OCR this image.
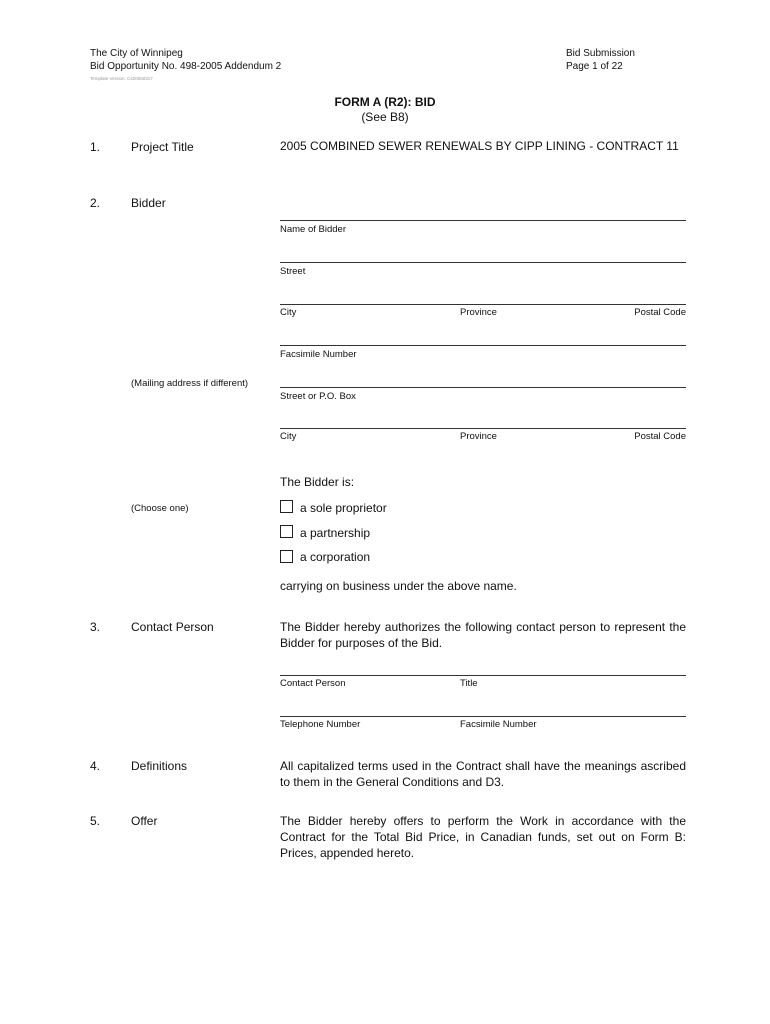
The City of Winnipeg
Bid Opportunity No. 498-2005 Addendum 2
Template Version: C420050317
Bid Submission
Page 1 of 22
FORM A (R2): BID
(See B8)
1.	Project Title	2005 COMBINED SEWER RENEWALS BY CIPP LINING - CONTRACT 11
2.	Bidder
Name of Bidder
Street
City	Province	Postal Code
Facsimile Number
(Mailing address if different)
Street or P.O. Box
City	Province	Postal Code
The Bidder is:
(Choose one)	a sole proprietor
a partnership
a corporation
carrying on business under the above name.
3.	Contact Person	The Bidder hereby authorizes the following contact person to represent the Bidder for purposes of the Bid.
Contact Person	Title
Telephone Number	Facsimile Number
4.	Definitions	All capitalized terms used in the Contract shall have the meanings ascribed to them in the General Conditions and D3.
5.	Offer	The Bidder hereby offers to perform the Work in accordance with the Contract for the Total Bid Price, in Canadian funds, set out on Form B: Prices, appended hereto.
